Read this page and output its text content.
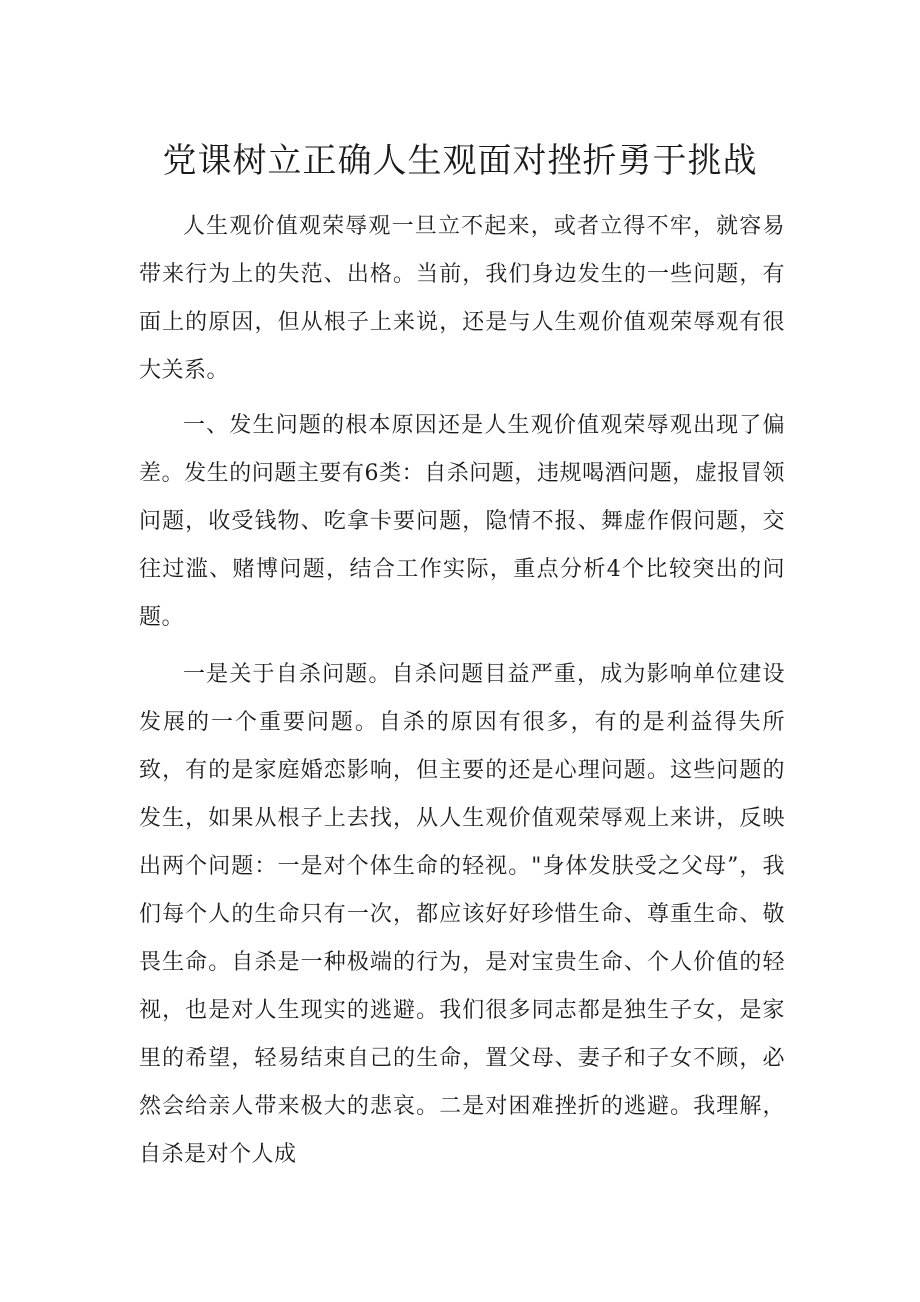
党课树立正确人生观面对挫折勇于挑战

人生观价值观荣辱观一旦立不起来，或者立得不牢，就容易带来行为上的失范、出格。当前，我们身边发生的一些问题，有面上的原因，但从根子上来说，还是与人生观价值观荣辱观有很大关系。

一、发生问题的根本原因还是人生观价值观荣辱观出现了偏差。发生的问题主要有6类：自杀问题，违规喝酒问题，虚报冒领问题，收受钱物、吃拿卡要问题，隐情不报、舞虚作假问题，交往过滥、赌博问题，结合工作实际，重点分析4个比较突出的问题。

一是关于自杀问题。自杀问题目益严重，成为影响单位建设发展的一个重要问题。自杀的原因有很多，有的是利益得失所致，有的是家庭婚恋影响，但主要的还是心理问题。这些问题的发生，如果从根子上去找，从人生观价值观荣辱观上来讲，反映出两个问题：一是对个体生命的轻视。"身体发肤受之父母”，我们每个人的生命只有一次，都应该好好珍惜生命、尊重生命、敬畏生命。自杀是一种极端的行为，是对宝贵生命、个人价值的轻视，也是对人生现实的逃避。我们很多同志都是独生子女，是家里的希望，轻易结束自己的生命，置父母、妻子和子女不顾，必然会给亲人带来极大的悲哀。二是对困难挫折的逃避。我理解，自杀是对个人成
